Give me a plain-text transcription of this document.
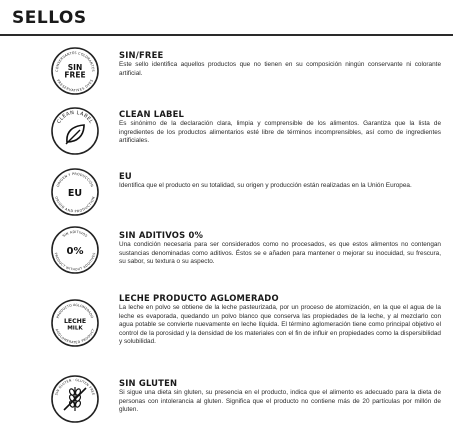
SELLOS
CONSERVANTES COLORANTES
PRESERVATIVES DYES
SIN
FREE
SIN/FREE
Este sello identifica aquellos productos que no tienen en su composición ningún conservante ni colorante artificial.
CLEAN LABEL
CLEAN LABEL
Es sinónimo de la declaración clara, limpia y comprensible de los alimentos. Garantiza que la lista de ingredientes de los productos alimentarios esté libre de términos incomprensibles, así como de ingredientes artificiales.
ORIGEN Y PRODUCCIÓN
ORIGIN AND PRODUCTION
EU
EU
Identifica que el producto en su totalidad, su origen y producción están realizadas en la Unión Europea.
SIN ADITIVOS
PRODUCT WITHOUT ADDITIVES
0%
SIN ADITIVOS 0%
Una condición necesaria para ser considerados como no procesados, es que estos alimentos no contengan sustancias denominadas como aditivos. Éstos se e añaden para mantener o mejorar su inocuidad, su frescura, su sabor, su textura o su aspecto.
PRODUCTO AGLOMERADO
AGGLOMERATED PRODUCT
LECHE
MILK
LECHE PRODUCTO AGLOMERADO
La leche en polvo se obtiene de la leche pasteurizada, por un proceso de atomización, en la que el agua de la leche es evaporada, quedando un polvo blanco que conserva las propiedades de la leche, y al mezclarlo con agua potable se convierte nuevamente en leche líquida. El término aglomeración tiene como principal objetivo el control de la porosidad y la densidad de los materiales con el fin de influir en propiedades como la dispersibilidad y solubilidad.
SIN GLUTEN · GLUTEN FREE
SIN GLUTEN
Si sigue una dieta sin gluten, su presencia en el producto, indica que el alimento es adecuado para la dieta de personas con intolerancia al gluten. Significa que el producto no contiene más de 20 partículas por millón de gluten.
